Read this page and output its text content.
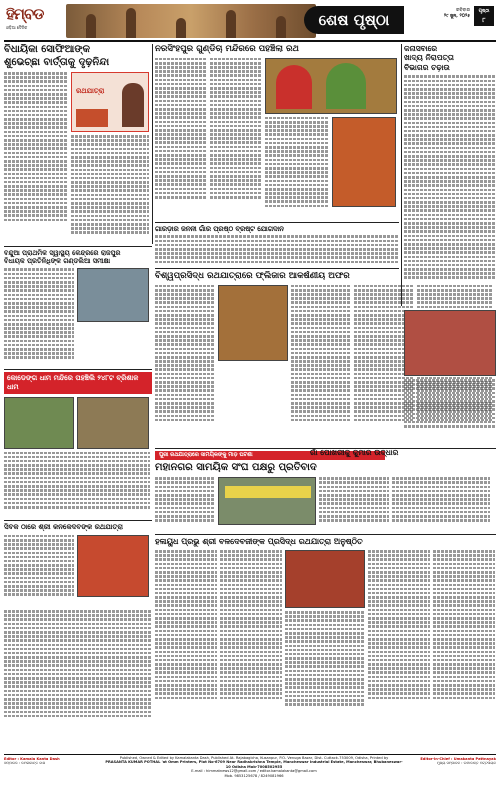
ହିମ୍ବଡ
ଓଡ଼ିଆ ଦୈନିକ	ଶେଷ ପୃଷ୍ଠା
ରବିବାର
୨୯ ଜୁନ, ୨୦୨୫
ପୃଷ୍ଠା
୮
ବିଧାୟିକା ସୋଫିଆଙ୍କ
ଶୁଭେଚ୍ଛା ବାର୍ତ୍ତାକୁ ଦୃଢ଼ନିନ୍ଦା
ରଥଯାତ୍ରା
ନରସିଂହପୁର ଗୁଣ୍ଡିଚା ମନ୍ଦିରରେ ପହଞ୍ଚିଲା ରଥ	କନାସବାରେ
ଖାଦ୍ୟ ନିରାପତ୍ତା
ବିଭାଗର ଚଢ଼ାଉ
ବନ୍ଦୁଆ ପ୍ରାଥମିକ ସ୍ୱାସ୍ଥ୍ୟ କେନ୍ଦ୍ରରେ ରାଜପୁର
ବିଧାୟକ ପ୍ରତିନିଧିଙ୍କ ଗଣ୍ଡଲିଆ ସମୀକ୍ଷା
ଗାରଡ଼ାର ଜନନୀ ଗାଁର ପ୍ରଷ୍ଠ ବ୍ରଷ୍ଟ ଯୋଗଦାନ
ବିଶ୍ୱପ୍ରସିଦ୍ଧ ରଥଯାତ୍ରାରେ ଫ୍ଲିଜାର ଆକର୍ଷଣୀୟ ଅଫର
କୋଡେଙ୍ଗ ଧାମ ମନ୍ଦିରେ ପହଞ୍ଚିଲି ୨୪୮ଟ ବ୍ରିଶାଳ ଧାମ
ପୁରୀ ରଥଯାତ୍ରାରେ ସାମୟିକଙ୍କୁ ମାଡ଼ ଘଟଣା
ମହାନଗର ସାମୟିକ ସଂଘ ପକ୍ଷରୁ ପ୍ରତିବାଦ
ଗାଁ ପୋଖରୀକୁ କୁମାର ଉଦ୍ଧାର
ସିବକ ଠାରେ ଶ୍ରୀ କନକେଦବଙ୍କ ରଥଯାତ୍ରା
ହଳାୟୁଧ ପ୍ରଭୁ ଶ୍ରୀ ବଳଦେବଜୀଙ୍କ ପ୍ରସିଦ୍ଧ ରଥଯାତ୍ରା ଅନୁଷ୍ଠିତ
Editor : Kamala Kanta Dash
ସମ୍ପାଦକ : କମଳାକାନ୍ତ ଦାଶ
Published, Owned & Edited by Kamalakanta Dash, Published At- Rajabagicha, Kusanpur, P.O- Venuga Bazar, Dist- Cuttack-753009, Odisha, Printed by
PRASANTA KUMAR POTHAL 'at Omm Printers, Plot No-6709 Near Radhakrishna Temple, Mancheswar Industrial Estate, Mancheswar, Bhubaneswar-10 Odisha Mob-7008502955
E-mail : himmatnews12@gmail.com / editor.kamalakanta@gmail.com
Mob. 9853125678 / 8249081966
Editor-in-Chief : Umakanta Pattnayak
ମୁଖ୍ୟ ସମ୍ପାଦକ : ଉମାକାନ୍ତ ପଟ୍ଟନାୟକ
